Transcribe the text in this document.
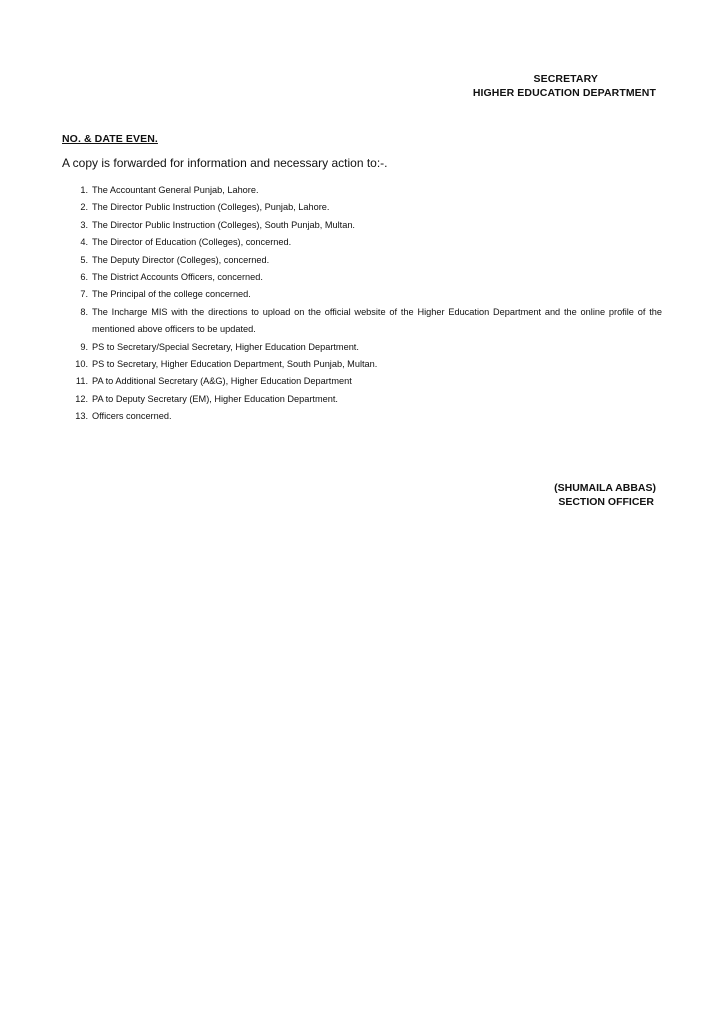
SECRETARY
HIGHER EDUCATION DEPARTMENT
NO. & DATE EVEN.
A copy is forwarded for information and necessary action to:-.
1. The Accountant General Punjab, Lahore.
2. The Director Public Instruction (Colleges), Punjab, Lahore.
3. The Director Public Instruction (Colleges), South Punjab, Multan.
4. The Director of Education (Colleges), concerned.
5. The Deputy Director (Colleges), concerned.
6. The District Accounts Officers, concerned.
7. The Principal of the college concerned.
8. The Incharge MIS with the directions to upload on the official website of the Higher Education Department and the online profile of the mentioned above officers to be updated.
9. PS to Secretary/Special Secretary, Higher Education Department.
10. PS to Secretary, Higher Education Department, South Punjab, Multan.
11. PA to Additional Secretary (A&G), Higher Education Department
12. PA to Deputy Secretary (EM), Higher Education Department.
13. Officers concerned.
(SHUMAILA ABBAS)
SECTION OFFICER
